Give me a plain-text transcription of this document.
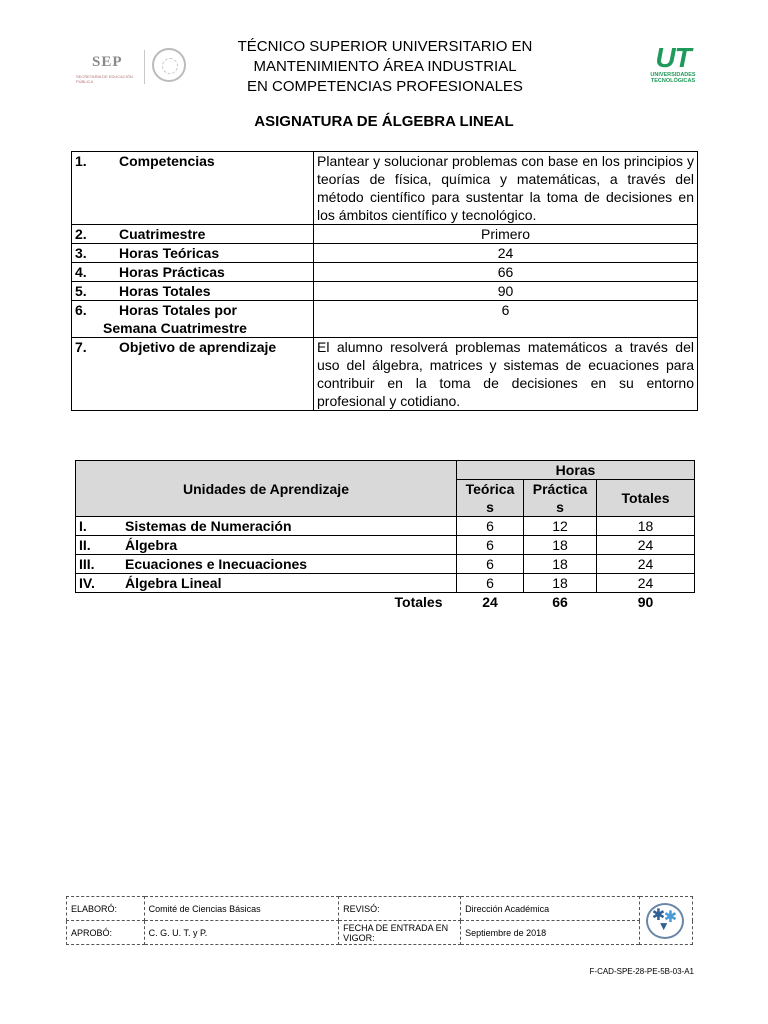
SEP
SECRETARÍA DE EDUCACIÓN PÚBLICA
TÉCNICO SUPERIOR UNIVERSITARIO EN
MANTENIMIENTO ÁREA INDUSTRIAL
EN COMPETENCIAS PROFESIONALES
UT
UNIVERSIDADES
TECNOLÓGICAS
ASIGNATURA DE ÁLGEBRA LINEAL
1. Competencias	Plantear y solucionar problemas con base en los principios y teorías de física, química y matemáticas, a través del método científico para sustentar la toma de decisiones en los ámbitos científico y tecnológico.
2. Cuatrimestre	Primero
3. Horas Teóricas	24
4. Horas Prácticas	66
5. Horas Totales	90
6. Horas Totales por
Semana Cuatrimestre	6
7. Objetivo de aprendizaje	El alumno resolverá problemas matemáticos a través del uso del álgebra, matrices y sistemas de ecuaciones para contribuir en la toma de decisiones en su entorno profesional y cotidiano.
Unidades de Aprendizaje	Horas		
	Teórica s	Práctica s	Totales
I. Sistemas de Numeración	6	12	18
II. Álgebra	6	18	24
III. Ecuaciones e Inecuaciones	6	18	24
IV. Álgebra Lineal	6	18	24
Totales	24	66	90
ELABORÓ:	Comité de Ciencias Básicas	REVISÓ:	Dirección Académica	✱
✱
▼

APROBÓ:	C. G. U. T. y P.	FECHA DE ENTRADA EN VIGOR:	Septiembre de 2018	
F-CAD-SPE-28-PE-5B-03-A1
